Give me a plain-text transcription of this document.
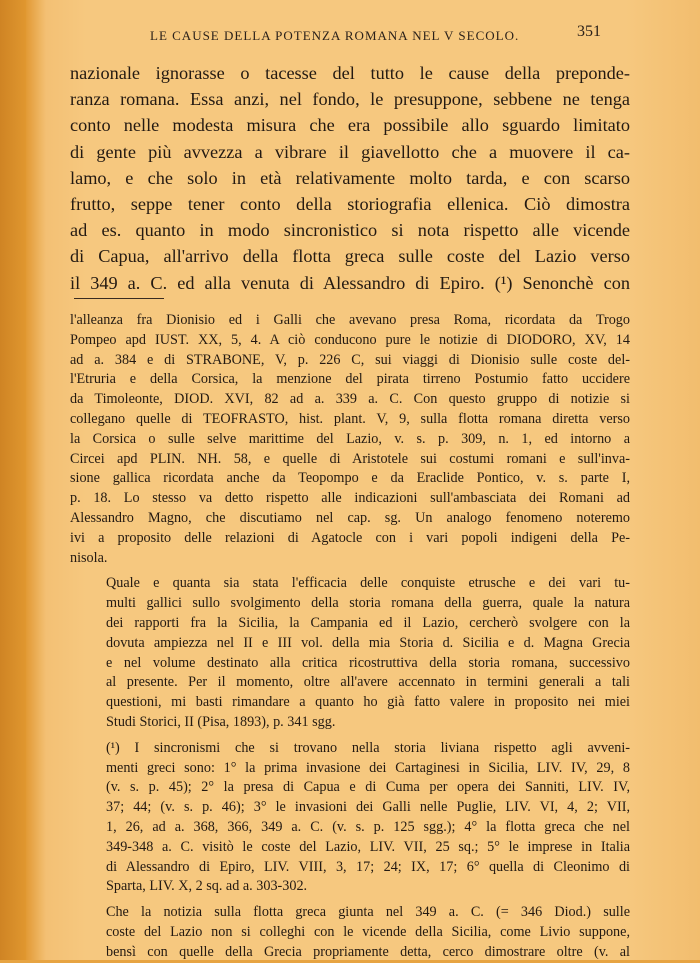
LE CAUSE DELLA POTENZA ROMANA NEL V SECOLO.	351
nazionale ignorasse o tacesse del tutto le cause della preponde-
ranza romana. Essa anzi, nel fondo, le presuppone, sebbene ne tenga
conto nelle modesta misura che era possibile allo sguardo limitato
di gente più avvezza a vibrare il giavellotto che a muovere il ca-
lamo, e che solo in età relativamente molto tarda, e con scarso
frutto, seppe tener conto della storiografia ellenica. Ciò dimostra
ad es. quanto in modo sincronistico si nota rispetto alle vicende
di Capua, all'arrivo della flotta greca sulle coste del Lazio verso
il 349 a. C. ed alla venuta di Alessandro di Epiro. (¹) Senonchè con

l'alleanza fra Dionisio ed i Galli che avevano presa Roma, ricordata da Trogo
Pompeo apd IUST. XX, 5, 4. A ciò conducono pure le notizie di DIODORO, XV, 14
ad a. 384 e di STRABONE, V, p. 226 C, sui viaggi di Dionisio sulle coste del-
l'Etruria e della Corsica, la menzione del pirata tirreno Postumio fatto uccidere
da Timoleonte, DIOD. XVI, 82 ad a. 339 a. C. Con questo gruppo di notizie si
collegano quelle di TEOFRASTO, hist. plant. V, 9, sulla flotta romana diretta verso
la Corsica o sulle selve marittime del Lazio, v. s. p. 309, n. 1, ed intorno a
Circei apd PLIN. NH. 58, e quelle di Aristotele sui costumi romani e sull'inva-
sione gallica ricordata anche da Teopompo e da Eraclide Pontico, v. s. parte I,
p. 18. Lo stesso va detto rispetto alle indicazioni sull'ambasciata dei Romani ad
Alessandro Magno, che discutiamo nel cap. sg. Un analogo fenomeno noteremo
ivi a proposito delle relazioni di Agatocle con i vari popoli indigeni della Pe-
nisola.

Quale e quanta sia stata l'efficacia delle conquiste etrusche e dei vari tu-
multi gallici sullo svolgimento della storia romana della guerra, quale la natura
dei rapporti fra la Sicilia, la Campania ed il Lazio, cercherò svolgere con la
dovuta ampiezza nel II e III vol. della mia Storia d. Sicilia e d. Magna Grecia
e nel volume destinato alla critica ricostruttiva della storia romana, successivo
al presente. Per il momento, oltre all'avere accennato in termini generali a tali
questioni, mi basti rimandare a quanto ho già fatto valere in proposito nei miei
Studi Storici, II (Pisa, 1893), p. 341 sgg.

(¹) I sincronismi che si trovano nella storia liviana rispetto agli avveni-
menti greci sono: 1° la prima invasione dei Cartaginesi in Sicilia, LIV. IV, 29, 8
(v. s. p. 45); 2° la presa di Capua e di Cuma per opera dei Sanniti, LIV. IV,
37; 44; (v. s. p. 46); 3° le invasioni dei Galli nelle Puglie, LIV. VI, 4, 2; VII,
1, 26, ad a. 368, 366, 349 a. C. (v. s. p. 125 sgg.); 4° la flotta greca che nel
349-348 a. C. visitò le coste del Lazio, LIV. VII, 25 sq.; 5° le imprese in Italia
di Alessandro di Epiro, LIV. VIII, 3, 17; 24; IX, 17; 6° quella di Cleonimo di
Sparta, LIV. X, 2 sq. ad a. 303-302.

Che la notizia sulla flotta greca giunta nel 349 a. C. (= 346 Diod.) sulle
coste del Lazio non si colleghi con le vicende della Sicilia, come Livio suppone,
bensì con quelle della Grecia propriamente detta, cerco dimostrare oltre (v. al
